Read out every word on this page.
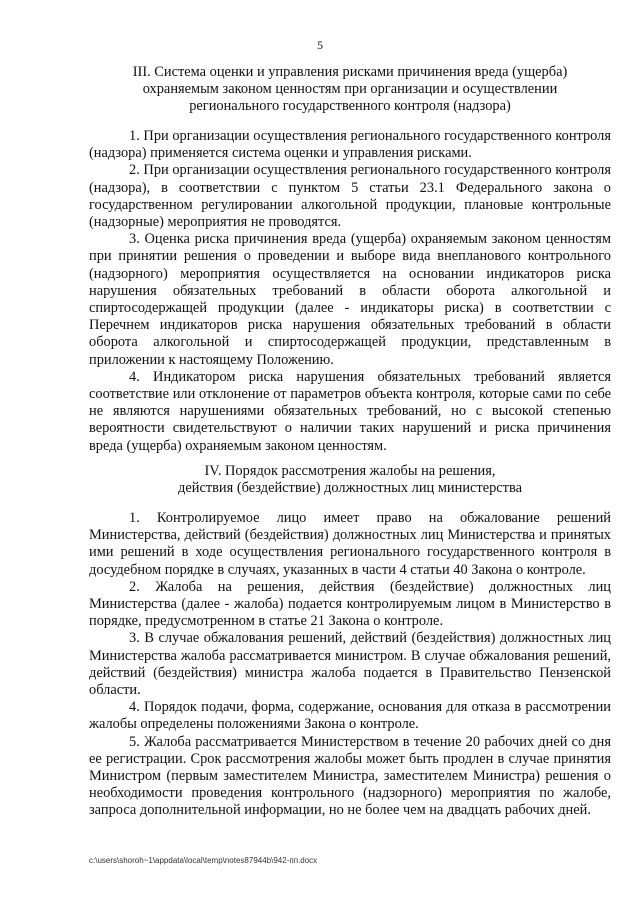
5
III. Система оценки и управления рисками причинения вреда (ущерба)
охраняемым законом ценностям при организации и осуществлении
регионального государственного контроля (надзора)

1. При организации осуществления регионального государственного контроля (надзора) применяется система оценки и управления рисками.

2. При организации осуществления регионального государственного контроля (надзора), в соответствии с пунктом 5 статьи 23.1 Федерального закона о государственном регулировании алкогольной продукции, плановые контрольные (надзорные) мероприятия не проводятся.

3. Оценка риска причинения вреда (ущерба) охраняемым законом ценностям при принятии решения о проведении и выборе вида внепланового контрольного (надзорного) мероприятия осуществляется на основании индикаторов риска нарушения обязательных требований в области оборота алкогольной и спиртосодержащей продукции (далее - индикаторы риска) в соответствии с Перечнем индикаторов риска нарушения обязательных требований в области оборота алкогольной и спиртосодержащей продукции, представленным в приложении к настоящему Положению.

4. Индикатором риска нарушения обязательных требований является соответствие или отклонение от параметров объекта контроля, которые сами по себе не являются нарушениями обязательных требований, но с высокой степенью вероятности свидетельствуют о наличии таких нарушений и риска причинения вреда (ущерба) охраняемым законом ценностям.

IV. Порядок рассмотрения жалобы на решения,
действия (бездействие) должностных лиц министерства

1. Контролируемое лицо имеет право на обжалование решений Министерства, действий (бездействия) должностных лиц Министерства и принятых ими решений в ходе осуществления регионального государственного контроля в досудебном порядке в случаях, указанных в части 4 статьи 40 Закона о контроле.

2. Жалоба на решения, действия (бездействие) должностных лиц Министерства (далее - жалоба) подается контролируемым лицом в Министерство в порядке, предусмотренном в статье 21 Закона о контроле.

3. В случае обжалования решений, действий (бездействия) должностных лиц Министерства жалоба рассматривается министром. В случае обжалования решений, действий (бездействия) министра жалоба подается в Правительство Пензенской области.

4. Порядок подачи, форма, содержание, основания для отказа в рассмотрении жалобы определены положениями Закона о контроле.

5. Жалоба рассматривается Министерством в течение 20 рабочих дней со дня ее регистрации. Срок рассмотрения жалобы может быть продлен в случае принятия Министром (первым заместителем Министра, заместителем Министра) решения о необходимости проведения контрольного (надзорного) мероприятия по жалобе, запроса дополнительной информации, но не более чем на двадцать рабочих дней.

c:\users\shoroh~1\appdata\local\temp\notes87944b\942-пп.docx
